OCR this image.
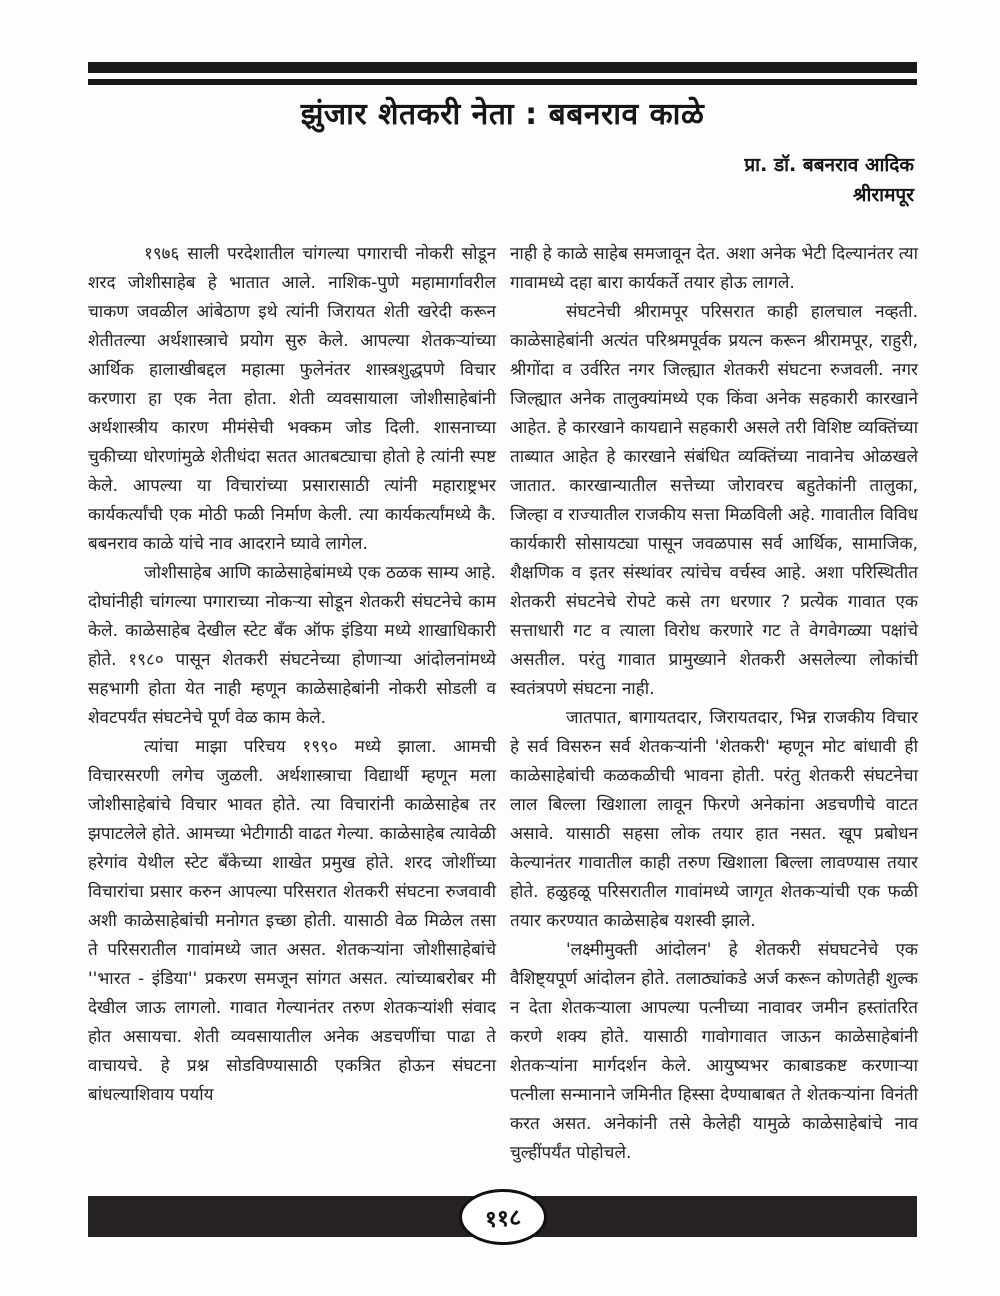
झुंजार शेतकरी नेता : बबनराव काळे
प्रा. डॉ. बबनराव आदिक
श्रीरामपूर

१९७६ साली परदेशातील चांगल्या पगाराची नोकरी सोडून शरद जोशीसाहेब हे भातात आले. नाशिक-पुणे महामार्गावरील चाकण जवळील आंबेठाण इथे त्यांनी जिरायत शेती खरेदी करून शेतीतल्या अर्थशास्त्राचे प्रयोग सुरु केले. आपल्या शेतकऱ्यांच्या आर्थिक हालाखीबद्दल महात्मा फुलेनंतर शास्त्रशुद्धपणे विचार करणारा हा एक नेता होता. शेती व्यवसायाला जोशीसाहेबांनी अर्थशास्त्रीय कारण मीमंसेची भक्कम जोड दिली. शासनाच्या चुकीच्या धोरणांमुळे शेतीधंदा सतत आतबट्याचा होतो हे त्यांनी स्पष्ट केले. आपल्या या विचारांच्या प्रसारासाठी त्यांनी महाराष्ट्रभर कार्यकर्त्यांची एक मोठी फळी निर्माण केली. त्या कार्यकर्त्यांमध्ये कै. बबनराव काळे यांचे नाव आदराने घ्यावे लागेल.

जोशीसाहेब आणि काळेसाहेबांमध्ये एक ठळक साम्य आहे. दोघांनीही चांगल्या पगाराच्या नोकऱ्या सोडून शेतकरी संघटनेचे काम केले. काळेसाहेब देखील स्टेट बँक ऑफ इंडिया मध्ये शाखाधिकारी होते. १९८० पासून शेतकरी संघटनेच्या होणाऱ्या आंदोलनांमध्ये सहभागी होता येत नाही म्हणून काळेसाहेबांनी नोकरी सोडली व शेवटपर्यंत संघटनेचे पूर्ण वेळ काम केले.

त्यांचा माझा परिचय १९९० मध्ये झाला. आमची विचारसरणी लगेच जुळली. अर्थशास्त्राचा विद्यार्थी म्हणून मला जोशीसाहेबांचे विचार भावत होते. त्या विचारांनी काळेसाहेब तर झपाटलेले होते. आमच्या भेटीगाठी वाढत गेल्या. काळेसाहेब त्यावेळी हरेगांव येथील स्टेट बँकेच्या शाखेत प्रमुख होते. शरद जोशींच्या विचारांचा प्रसार करुन आपल्या परिसरात शेतकरी संघटना रुजवावी अशी काळेसाहेबांची मनोगत इच्छा होती. यासाठी वेळ मिळेल तसा ते परिसरातील गावांमध्ये जात असत. शेतकऱ्यांना जोशीसाहेबांचे ''भारत - इंडिया'' प्रकरण समजून सांगत असत. त्यांच्याबरोबर मी देखील जाऊ लागलो. गावात गेल्यानंतर तरुण शेतकऱ्यांशी संवाद होत असायचा. शेती व्यवसायातील अनेक अडचणींचा पाढा ते वाचायचे. हे प्रश्न सोडविण्यासाठी एकत्रित होऊन संघटना बांधल्याशिवाय पर्याय

नाही हे काळे साहेब समजावून देत. अशा अनेक भेटी दिल्यानंतर त्या गावामध्ये दहा बारा कार्यकर्ते तयार होऊ लागले.

संघटनेची श्रीरामपूर परिसरात काही हालचाल नव्हती. काळेसाहेबांनी अत्यंत परिश्रमपूर्वक प्रयत्न करून श्रीरामपूर, राहुरी, श्रीगोंदा व उर्वरित नगर जिल्ह्यात शेतकरी संघटना रुजवली. नगर जिल्ह्यात अनेक तालुक्यांमध्ये एक किंवा अनेक सहकारी कारखाने आहेत. हे कारखाने कायद्याने सहकारी असले तरी विशिष्ट व्यक्तिंच्या ताब्यात आहेत हे कारखाने संबंधित व्यक्तिंच्या नावानेच ओळखले जातात. कारखान्यातील सत्तेच्या जोरावरच बहुतेकांनी तालुका, जिल्हा व राज्यातील राजकीय सत्ता मिळविली अहे. गावातील विविध कार्यकारी सोसायट्या पासून जवळपास सर्व आर्थिक, सामाजिक, शैक्षणिक व इतर संस्थांवर त्यांचेच वर्चस्व आहे. अशा परिस्थितीत शेतकरी संघटनेचे रोपटे कसे तग धरणार ? प्रत्येक गावात एक सत्ताधारी गट व त्याला विरोध करणारे गट ते वेगवेगळ्या पक्षांचे असतील. परंतु गावात प्रामुख्याने शेतकरी असलेल्या लोकांची स्वतंत्रपणे संघटना नाही.

जातपात, बागायतदार, जिरायतदार, भिन्न राजकीय विचार हे सर्व विसरुन सर्व शेतकऱ्यांनी 'शेतकरी' म्हणून मोट बांधावी ही काळेसाहेबांची कळकळीची भावना होती. परंतु शेतकरी संघटनेचा लाल बिल्ला खिशाला लावून फिरणे अनेकांना अडचणीचे वाटत असावे. यासाठी सहसा लोक तयार हात नसत. खूप प्रबोधन केल्यानंतर गावातील काही तरुण खिशाला बिल्ला लावण्यास तयार होते. हळुहळू परिसरातील गावांमध्ये जागृत शेतकऱ्यांची एक फळी तयार करण्यात काळेसाहेब यशस्वी झाले.

'लक्ष्मीमुक्ती आंदोलन' हे शेतकरी संघघटनेचे एक वैशिष्ट्यपूर्ण आंदोलन होते. तलाठ्यांकडे अर्ज करून कोणतेही शुल्क न देता शेतकऱ्याला आपल्या पत्नीच्या नावावर जमीन हस्तांतरित करणे शक्य होते. यासाठी गावोगावात जाऊन काळेसाहेबांनी शेतकऱ्यांना मार्गदर्शन केले. आयुष्यभर काबाडकष्ट करणाऱ्या पत्नीला सन्मानाने जमिनीत हिस्सा देण्याबाबत ते शेतकऱ्यांना विनंती करत असत. अनेकांनी तसे केलेही यामुळे काळेसाहेबांचे नाव चुल्हींपर्यंत पोहोचले.

११८
